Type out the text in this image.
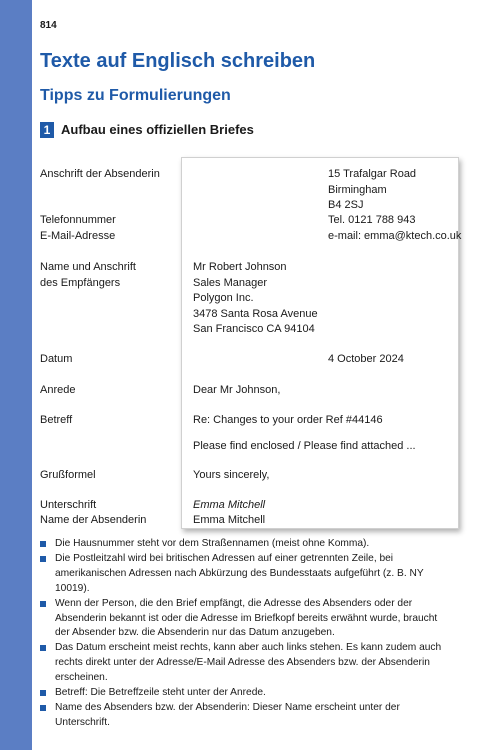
814
Texte auf Englisch schreiben
Tipps zu Formulierungen
1 Aufbau eines offiziellen Briefes
Anschrift der Absenderin
Telefonnummer
E-Mail-Adresse
Name und Anschrift
des Empfängers
Datum
Anrede
Betreff
Grußformel
Unterschrift
Name der Absenderin
15 Trafalgar Road
Birmingham
B4 2SJ
Tel. 0121 788 943
e-mail: emma@ktech.co.uk
Mr Robert Johnson
Sales Manager
Polygon Inc.
3478 Santa Rosa Avenue
San Francisco CA 94104
4 October 2024
Dear Mr Johnson,
Re: Changes to your order Ref #44146
Please find enclosed / Please find attached ...
Yours sincerely,
Emma Mitchell
Emma Mitchell
Die Hausnummer steht vor dem Straßennamen (meist ohne Komma).
Die Postleitzahl wird bei britischen Adressen auf einer getrennten Zeile, bei
amerikanischen Adressen nach Abkürzung des Bundesstaats aufgeführt (z. B. NY 10019).
Wenn der Person, die den Brief empfängt, die Adresse des Absenders oder der
Absenderin bekannt ist oder die Adresse im Briefkopf bereits erwähnt wurde, braucht
der Absender bzw. die Absenderin nur das Datum anzugeben.
Das Datum erscheint meist rechts, kann aber auch links stehen. Es kann zudem auch
rechts direkt unter der Adresse/E-Mail Adresse des Absenders bzw. der Absenderin
erscheinen.
Betreff: Die Betreffzeile steht unter der Anrede.
Name des Absenders bzw. der Absenderin: Dieser Name erscheint unter der
Unterschrift.
